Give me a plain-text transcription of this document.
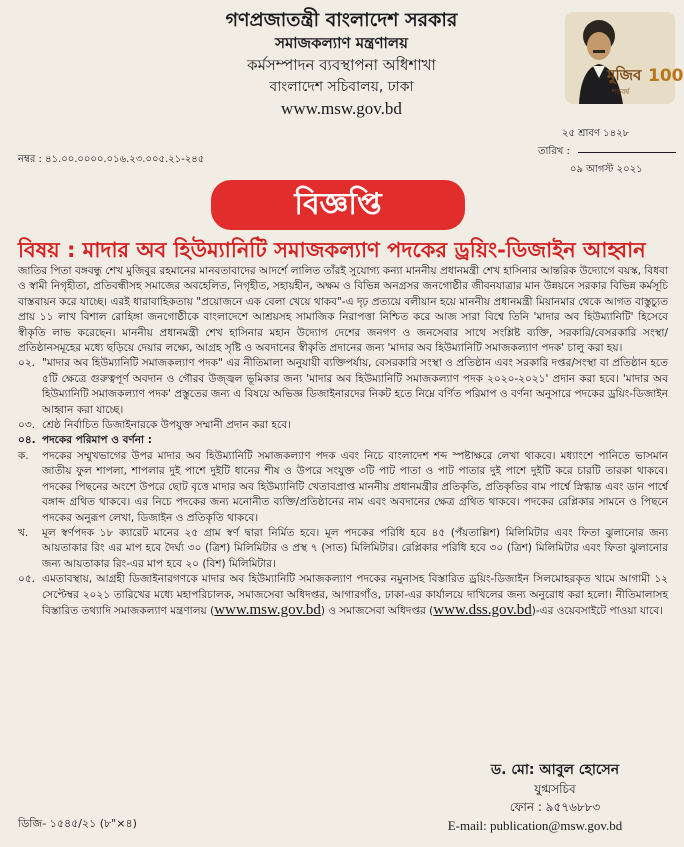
গণপ্রজাতন্ত্রী বাংলাদেশ সরকার
সমাজকল্যাণ মন্ত্রণালয়
কর্মসম্পাদন ব্যবস্থাপনা অধিশাখা
বাংলাদেশ সচিবালয়, ঢাকা
www.msw.gov.bd
মুজিব 100
শতবর্ষ
নম্বর : ৪১.০০.০০০০.০১৬.২৩.০০৫.২১-২৪৫
২৫ শ্রাবণ ১৪২৮
তারিখ :
০৯ আগস্ট ২০২১
বিজ্ঞপ্তি
বিষয় : মাদার অব হিউম্যানিটি সমাজকল্যাণ পদকের ড্রয়িং-ডিজাইন আহ্বান

জাতির পিতা বঙ্গবন্ধু শেখ মুজিবুর রহমানের মানবতাবাদের আদর্শে লালিত তাঁরই সুযোগ্য কন্যা মাননীয় প্রধানমন্ত্রী শেখ হাসিনার আন্তরিক উদ্যোগে বয়স্ক, বিধবা ও স্বামী নিগৃহীতা, প্রতিবন্ধীসহ সমাজের অবহেলিত, নিগৃহীত, সহায়হীন, অক্ষম ও বিভিন্ন অনগ্রসর জনগোষ্ঠীর জীবনযাত্রার মান উন্নয়নে সরকার বিভিন্ন কর্মসূচি বাস্তবায়ন করে যাচ্ছে। এরই ধারাবাহিকতায় "প্রয়োজনে এক বেলা খেয়ে থাকব"-এ দৃঢ় প্রত্যয়ে বলীয়ান হয়ে মাননীয় প্রধানমন্ত্রী মিয়ানমার থেকে আগত বাস্তুচ্যুত প্রায় ১১ লাখ বিশাল রোহিঙ্গা জনগোষ্ঠীকে বাংলাদেশে আশ্রয়সহ সামাজিক নিরাপত্তা নিশ্চিত করে আজ সারা বিশ্বে তিনি 'মাদার অব হিউম্যানিটি' হিসেবে স্বীকৃতি লাভ করেছেন। মাননীয় প্রধানমন্ত্রী শেখ হাসিনার মহান উদ্যোগ দেশের জনগণ ও জনসেবার সাথে সংশ্লিষ্ট ব্যক্তি, সরকারি/বেসরকারি সংস্থা/প্রতিষ্ঠানসমূহের মধ্যে ছড়িয়ে দেয়ার লক্ষ্যে, আগ্রহ সৃষ্টি ও অবদানের স্বীকৃতি প্রদানের জন্য 'মাদার অব হিউম্যানিটি সমাজকল্যাণ পদক' চালু করা হয়।

০২. "মাদার অব হিউম্যানিটি সমাজকল্যাণ পদক" এর নীতিমালা অনুযায়ী ব্যক্তিপর্যায়, বেসরকারি সংস্থা ও প্রতিষ্ঠান এবং সরকারি দপ্তর/সংস্থা বা প্রতিষ্ঠান হতে ৫টি ক্ষেত্রে গুরুত্বপূর্ণ অবদান ও গৌরব উজ্জ্বল ভূমিকার জন্য 'মাদার অব হিউম্যানিটি সমাজকল্যাণ পদক ২০২০-২০২১' প্রদান করা হবে। 'মাদার অব হিউম্যানিটি সমাজকল্যাণ পদক' প্রস্তুতের জন্য এ বিষয়ে অভিজ্ঞ ডিজাইনারদের নিকট হতে নিম্নে বর্ণিত পরিমাপ ও বর্ণনা অনুসারে পদকের ড্রয়িং-ডিজাইন আহ্বান করা যাচ্ছে।
০৩. শ্রেষ্ঠ নির্বাচিত ডিজাইনারকে উপযুক্ত সম্মানী প্রদান করা হবে।
০৪. পদকের পরিমাপ ও বর্ণনা :
ক.	পদকের সম্মুখভাগের উপর মাদার অব হিউম্যানিটি সমাজকল্যাণ পদক এবং নিচে বাংলাদেশ শব্দ স্পষ্টাক্ষরে লেখা থাকবে। মধ্যাংশে পানিতে ভাসমান জাতীয় ফুল শাপলা, শাপলার দুই পাশে দুইটি ধানের শীষ ও উপরে সংযুক্ত ৩টি পাট পাতা ও পাট পাতার দুই পাশে দুইটি করে চারটি তারকা থাকবে। পদকের পিছনের অংশে উপরে ছোট বৃত্তে মাদার অব হিউম্যানিটি খেতাবপ্রাপ্ত মাননীয় প্রধানমন্ত্রীর প্রতিকৃতি, প্রতিকৃতির বাম পার্শ্বে স্নিগ্ধান্ত এবং ডান পার্শ্বে বঙ্গাব্দ গ্রথিত থাকবে। এর নিচে পদকের জন্য মনোনীত ব্যক্তি/প্রতিষ্ঠানের নাম এবং অবদানের ক্ষেত্র গ্রথিত থাকবে। পদকের রেপ্লিকার সামনে ও পিছনে পদকের অনুরূপ লেখা, ডিজাইন ও প্রতিকৃতি থাকবে।
খ.	মূল স্বর্ণপদক ১৮ ক্যারেট মানের ২৫ গ্রাম স্বর্ণ দ্বারা নির্মিত হবে। মূল পদকের পরিধি হবে ৪৫ (পঁয়তাল্লিশ) মিলিমিটার এবং ফিতা ঝুলানোর জন্য আয়তাকার রিং এর মাপ হবে দৈর্ঘ্য ৩০ (ত্রিশ) মিলিমিটার ও প্রস্থ ৭ (সাত) মিলিমিটার। রেপ্লিকার পরিধি হবে ৩০ (ত্রিশ) মিলিমিটার এবং ফিতা ঝুলানোর জন্য আয়তাকার রিং-এর মাপ হবে ২০ (বিশ) মিলিমিটার।
০৫. এমতাবস্থায়, আগ্রহী ডিজাইনারগণকে মাদার অব হিউম্যানিটি সমাজকল্যাণ পদকের নমুনাসহ বিস্তারিত ড্রয়িং-ডিজাইন সিলমোহরকৃত খামে আগামী ১২ সেপ্টেম্বর ২০২১ তারিখের মধ্যে মহাপরিচালক, সমাজসেবা অধিদপ্তর, আগারগাঁও, ঢাকা-এর কার্যালয়ে দাখিলের জন্য অনুরোধ করা হলো। নীতিমালাসহ বিস্তারিত তথ্যাদি সমাজকল্যাণ মন্ত্রণালয় (www.msw.gov.bd) ও সমাজসেবা অধিদপ্তর (www.dss.gov.bd)-এর ওয়েবসাইটে পাওয়া যাবে।
ড. মো: আবুল হোসেন
যুগ্মসচিব
ফোন : ৯৫৭৬৮৮৩
E-mail: publication@msw.gov.bd
ডিজি- ১৫৪৫/২১ (৮"×৪)
